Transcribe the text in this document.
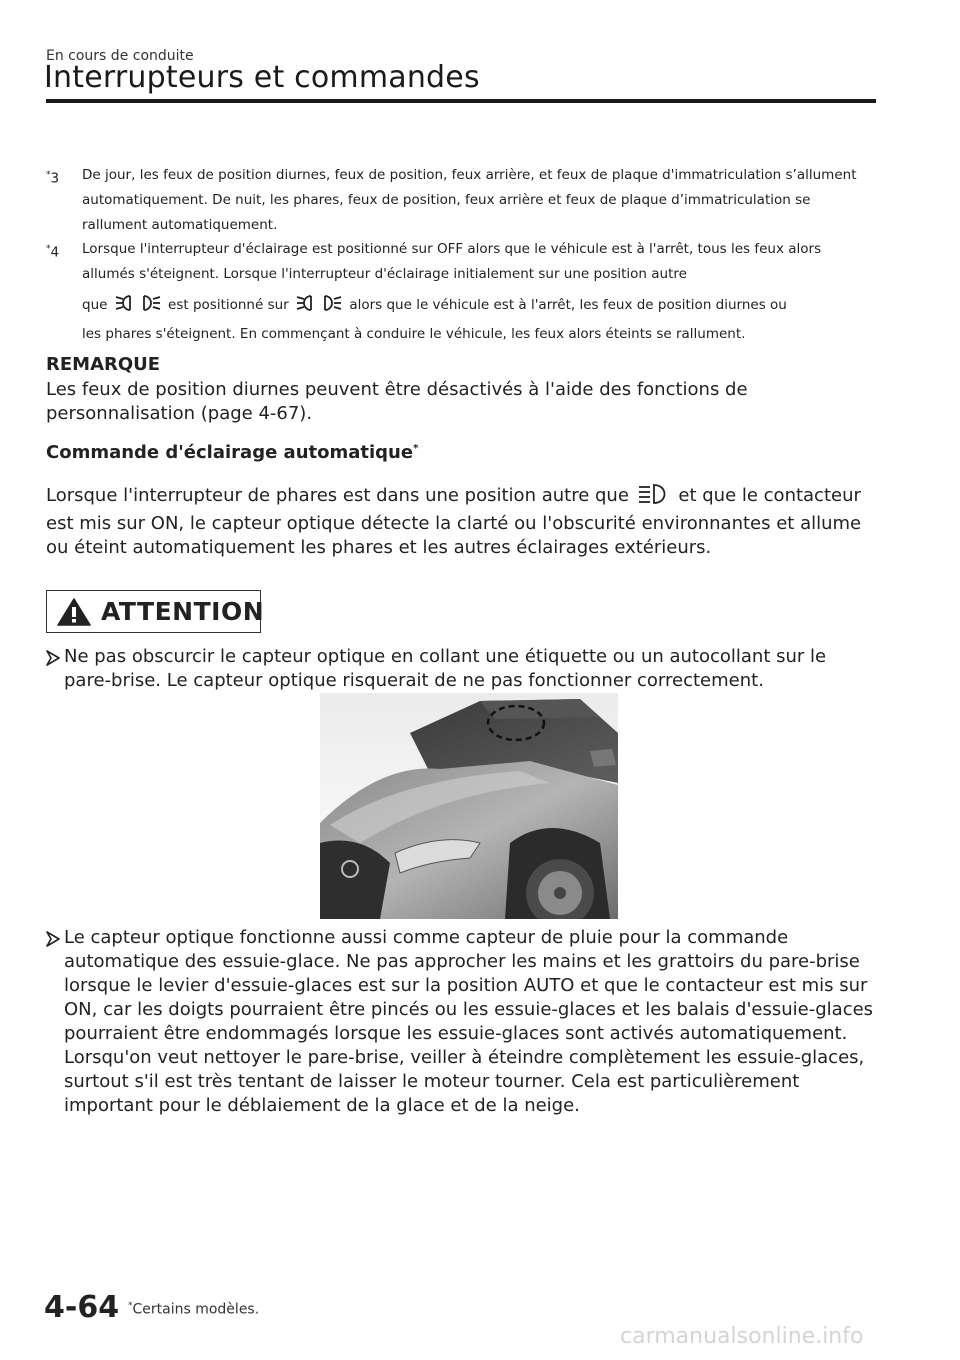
En cours de conduite
Interrupteurs et commandes
*3	De jour, les feux de position diurnes, feux de position, feux arrière, et feux de plaque d'immatriculation s’allument automatiquement. De nuit, les phares, feux de position, feux arrière et feux de plaque d’immatriculation se rallument automatiquement.
*4	Lorsque l'interrupteur d'éclairage est positionné sur OFF alors que le véhicule est à l'arrêt, tous les feux alors allumés s'éteignent. Lorsque l'interrupteur d'éclairage initialement sur une position autre
que	est positionné sur	alors que le véhicule est à l'arrêt, les feux de position diurnes ou
les phares s'éteignent. En commençant à conduire le véhicule, les feux alors éteints se rallument.
REMARQUE
Les feux de position diurnes peuvent être désactivés à l'aide des fonctions de personnalisation (page 4-67).
Commande d'éclairage automatique*
Lorsque l'interrupteur de phares est dans une position autre que	et que le contacteur est mis sur ON, le capteur optique détecte la clarté ou l'obscurité environnantes et allume ou éteint automatiquement les phares et les autres éclairages extérieurs.
ATTENTION
Ne pas obscurcir le capteur optique en collant une étiquette ou un autocollant sur le pare-brise. Le capteur optique risquerait de ne pas fonctionner correctement.
Le capteur optique fonctionne aussi comme capteur de pluie pour la commande automatique des essuie-glace. Ne pas approcher les mains et les grattoirs du pare-brise lorsque le levier d'essuie-glaces est sur la position AUTO et que le contacteur est mis sur ON, car les doigts pourraient être pincés ou les essuie-glaces et les balais d'essuie-glaces pourraient être endommagés lorsque les essuie-glaces sont activés automatiquement. Lorsqu'on veut nettoyer le pare-brise, veiller à éteindre complètement les essuie-glaces, surtout s'il est très tentant de laisser le moteur tourner. Cela est particulièrement important pour le déblaiement de la glace et de la neige.
4-64 *Certains modèles.
carmanualsonline.info
